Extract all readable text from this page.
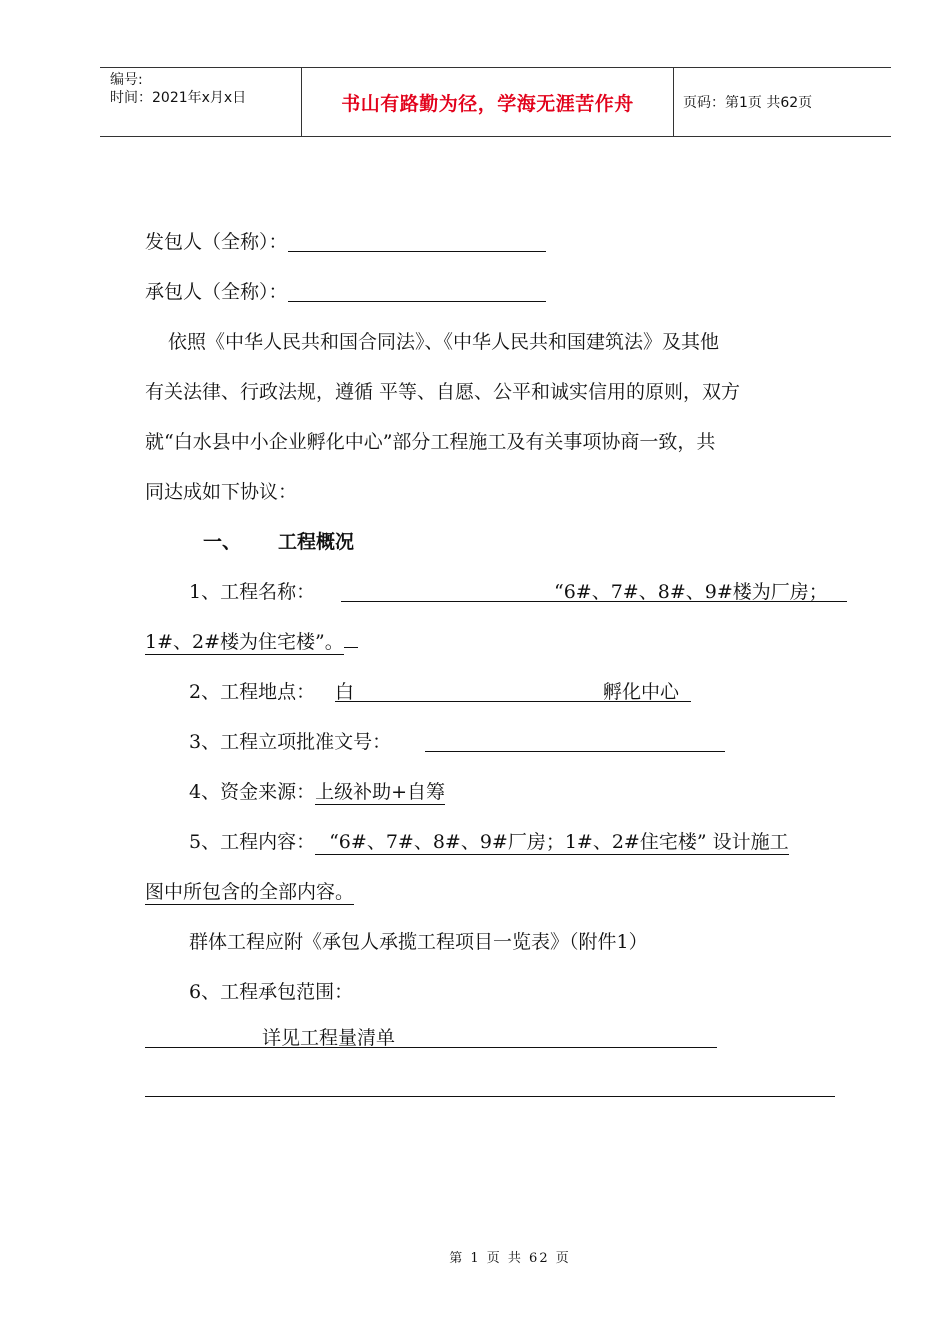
编号:
时间：2021年x月x日	书山有路勤为径，学海无涯苦作舟	页码：第1页 共62页
发包人（全称）：
承包人（全称）：
依照《中华人民共和国合同法》、《中华人民共和国建筑法》及其他
有关法律、行政法规，遵循 平等、自愿、公平和诚实信用的原则，双方
就“白水县中小企业孵化中心”部分工程施工及有关事项协商一致，共
同达成如下协议：
一、 工程概况
1、工程名称：	“6#、7#、8#、9#楼为厂房；
1#、2#楼为住宅楼”。
2、工程地点： 白	孵化中心
3、工程立项批准文号：
4、资金来源：上级补助+自筹
5、工程内容： “6#、7#、8#、9#厂房；1#、2#住宅楼” 设计施工
图中所包含的全部内容。
群体工程应附《承包人承揽工程项目一览表》（附件1）
6、工程承包范围：
详见工程量清单
第 1 页 共 62 页
